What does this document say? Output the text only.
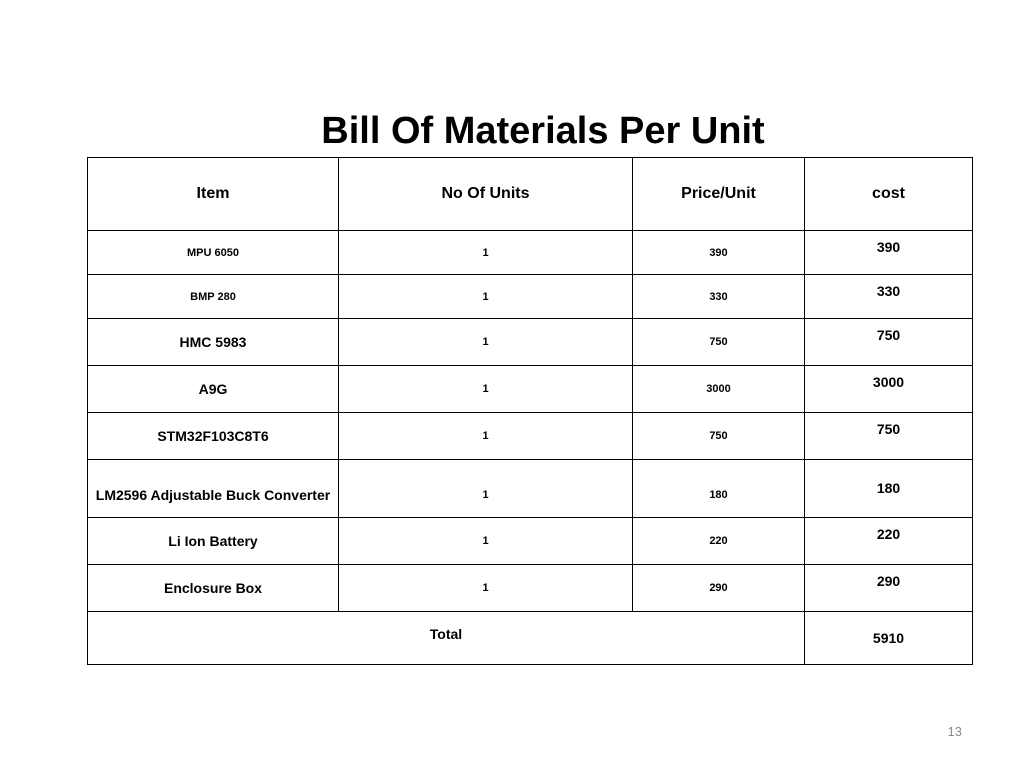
Bill Of Materials Per Unit
Item	No Of Units	Price/Unit	cost
MPU 6050	1	390	390
BMP 280	1	330	330
HMC 5983	1	750	750
A9G	1	3000	3000
STM32F103C8T6	1	750	750
LM2596 Adjustable Buck Converter	1	180	180
Li Ion Battery	1	220	220
Enclosure Box	1	290	290
Total			5910
13
